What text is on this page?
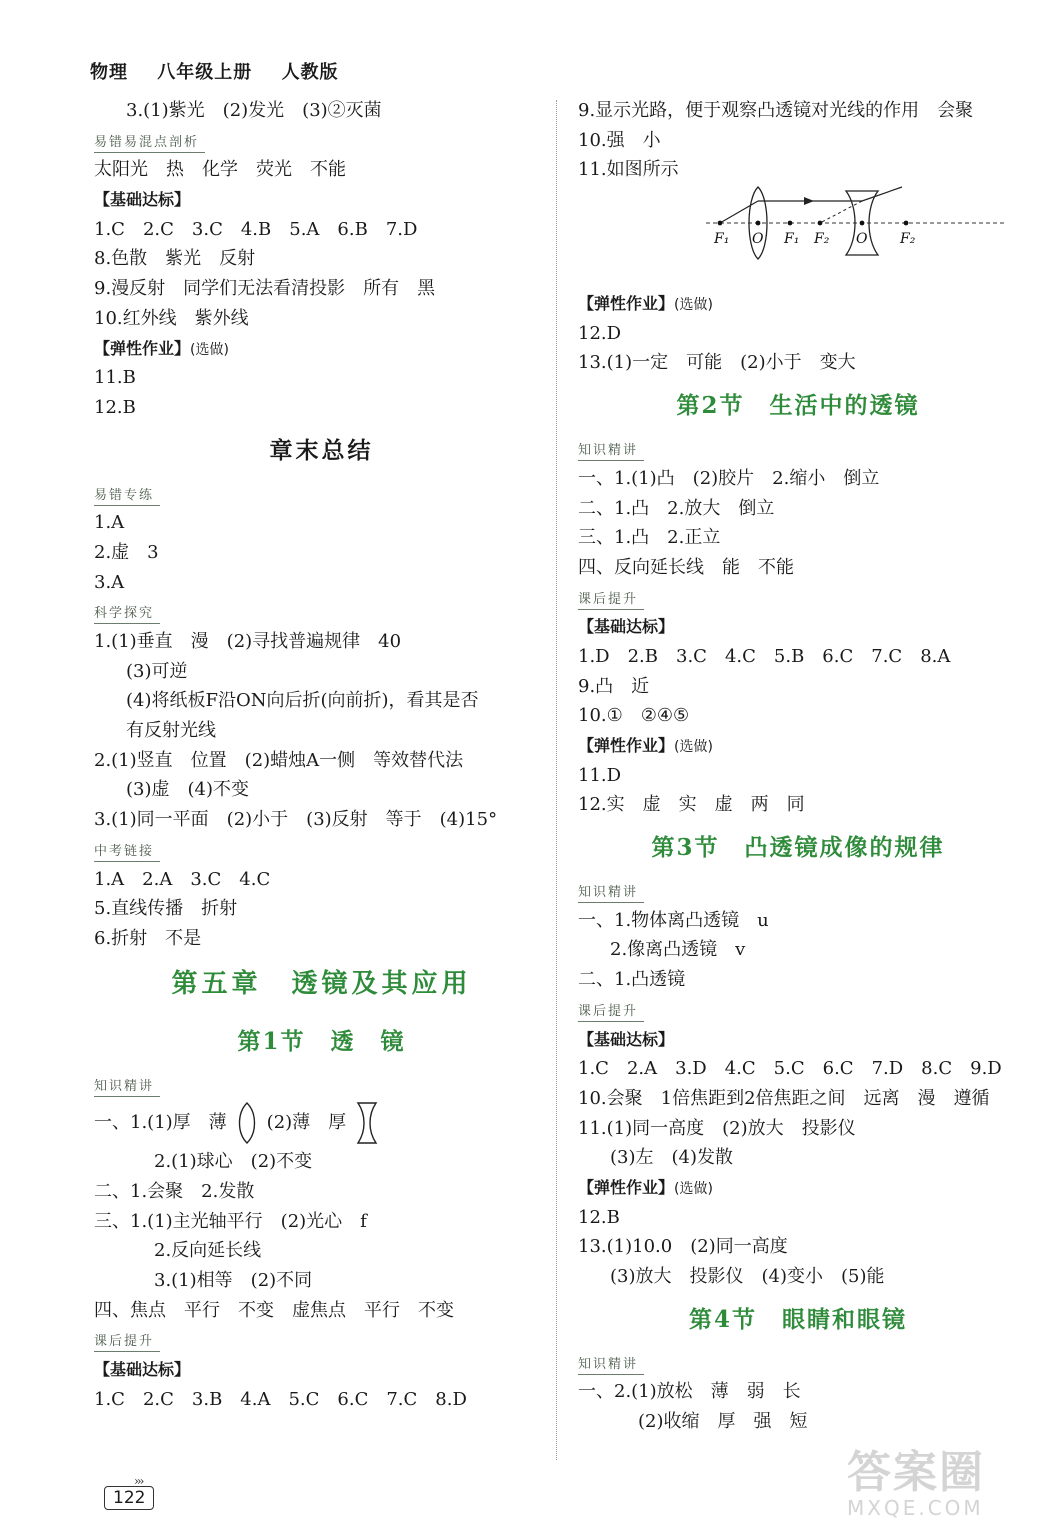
物理 八年级上册 人教版
3.(1)紫光　(2)发光　(3)②灭菌
易错易混点剖析
太阳光　热　化学　荧光　不能
【基础达标】
1.C　2.C　3.C　4.B　5.A　6.B　7.D
8.色散　紫光　反射
9.漫反射　同学们无法看清投影　所有　黑
10.红外线　紫外线
【弹性作业】(选做)
11.B
12.B
章末总结
易错专练
1.A
2.虚　3
3.A
科学探究
1.(1)垂直　漫　(2)寻找普遍规律　40
(3)可逆
(4)将纸板F沿ON向后折(向前折)，看其是否
有反射光线
2.(1)竖直　位置　(2)蜡烛A一侧　等效替代法
(3)虚　(4)不变
3.(1)同一平面　(2)小于　(3)反射　等于　(4)15°
中考链接
1.A　2.A　3.C　4.C
5.直线传播　折射
6.折射　不是
第五章　透镜及其应用
第1节　透　镜
知识精讲
一、1.(1)厚　薄 (2)薄　厚
2.(1)球心　(2)不变
二、1.会聚　2.发散
三、1.(1)主光轴平行　(2)光心　f
2.反向延长线
3.(1)相等　(2)不同
四、焦点　平行　不变　虚焦点　平行　不变
课后提升
【基础达标】
1.C　2.C　3.B　4.A　5.C　6.C　7.C　8.D
9.显示光路，便于观察凸透镜对光线的作用　会聚
10.强　小
11.如图所示
F₁ O F₁ F₂ O F₂
【弹性作业】(选做)
12.D
13.(1)一定　可能　(2)小于　变大
第2节　生活中的透镜
知识精讲
一、1.(1)凸　(2)胶片　2.缩小　倒立
二、1.凸　2.放大　倒立
三、1.凸　2.正立
四、反向延长线　能　不能
课后提升
【基础达标】
1.D　2.B　3.C　4.C　5.B　6.C　7.C　8.A
9.凸　近
10.①　②④⑤
【弹性作业】(选做)
11.D
12.实　虚　实　虚　两　同
第3节　凸透镜成像的规律
知识精讲
一、1.物体离凸透镜　u
2.像离凸透镜　v
二、1.凸透镜
课后提升
【基础达标】
1.C　2.A　3.D　4.C　5.C　6.C　7.D　8.C　9.D
10.会聚　1倍焦距到2倍焦距之间　远离　漫　遵循
11.(1)同一高度　(2)放大　投影仪
(3)左　(4)发散
【弹性作业】(选做)
12.B
13.(1)10.0　(2)同一高度
(3)放大　投影仪　(4)变小　(5)能
第4节　眼睛和眼镜
知识精讲
一、2.(1)放松　薄　弱　长
(2)收缩　厚　强　短
›››
122	答案圈
MXQE.COM
